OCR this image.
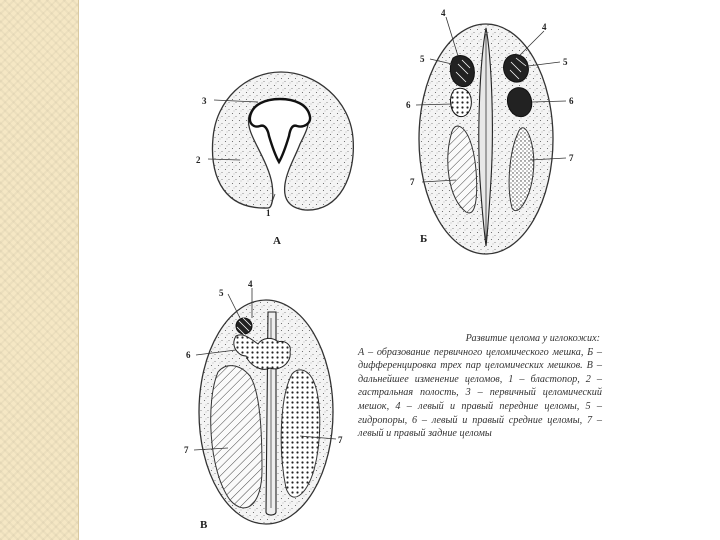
3
2
1
А
4
4
5	5
6	6
7
7
Б
5
4
6
7
7
В
Развитие целома у иглокожих:
А – образование первичного целомического мешка, Б – дифференцировка трех пар целомических мешков. В – дальнейшее изменение целомов, 1 – бластопор, 2 – гастральная полость, 3 – первичный целомический мешок, 4 – левый и правый передние целомы, 5 – гидропоры, 6 – левый и правый средние целомы, 7 – левый и правый задние целомы
